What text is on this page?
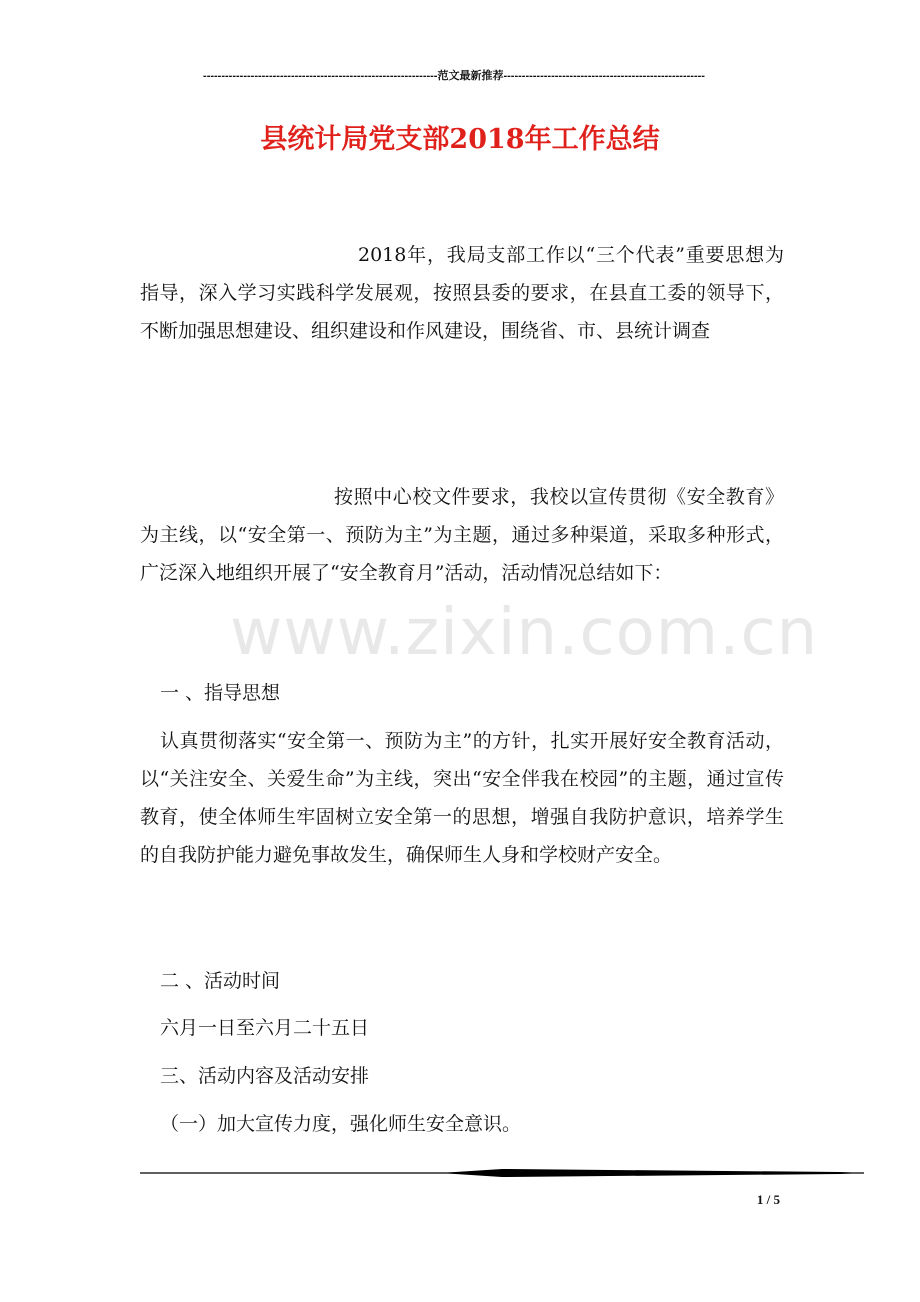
----------------------------------------------------------------范文最新推荐-------------------------------------------------------
县统计局党支部2018年工作总结

2018年，我局支部工作以“三个代表”重要思想为指导，深入学习实践科学发展观，按照县委的要求，在县直工委的领导下，不断加强思想建设、组织建设和作风建设，围绕省、市、县统计调查

按照中心校文件要求，我校以宣传贯彻《安全教育》为主线，以“安全第一、预防为主”为主题，通过多种渠道，采取多种形式，广泛深入地组织开展了“安全教育月”活动，活动情况总结如下：

一 、指导思想

认真贯彻落实“安全第一、预防为主”的方针，扎实开展好安全教育活动，以“关注安全、关爱生命”为主线，突出“安全伴我在校园”的主题，通过宣传教育，使全体师生牢固树立安全第一的思想，增强自我防护意识，培养学生的自我防护能力避免事故发生，确保师生人身和学校财产安全。

二 、活动时间

六月一日至六月二十五日

三、活动内容及活动安排

（一）加大宣传力度，强化师生安全意识。

www.zixin.com.cn
1 / 5
